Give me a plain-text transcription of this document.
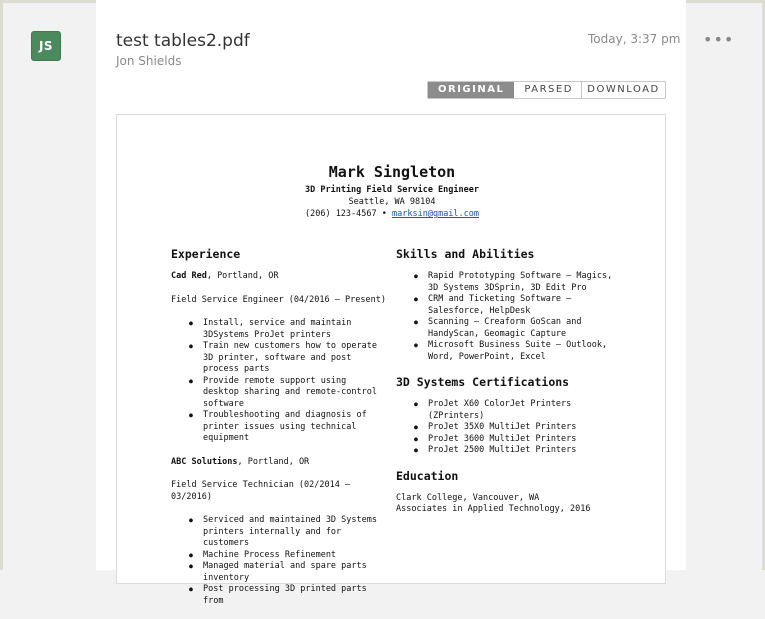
JS	test tables2.pdf
Jon Shields
Today, 3:37 pm •••
ORIGINAL	PARSED	DOWNLOAD
Mark Singleton
3D Printing Field Service Engineer
Seattle, WA 98104
(206) 123-4567 • marksin@gmail.com
Experience
Cad Red, Portland, OR
Field Service Engineer (04/2016 – Present)
● Install, service and maintain 3DSystems ProJet printers
● Train new customers how to operate 3D printer, software and post process parts
● Provide remote support using desktop sharing and remote-control software
● Troubleshooting and diagnosis of printer issues using technical equipment
ABC Solutions, Portland, OR
Field Service Technician (02/2014 – 03/2016)
● Serviced and maintained 3D Systems printers internally and for customers
● Machine Process Refinement
● Managed material and spare parts inventory
● Post processing 3D printed parts from
Skills and Abilities
● Rapid Prototyping Software – Magics, 3D Systems 3DSprin, 3D Edit Pro
● CRM and Ticketing Software – Salesforce, HelpDesk
● Scanning – Creaform GoScan and HandyScan, Geomagic Capture
● Microsoft Business Suite – Outlook, Word, PowerPoint, Excel
3D Systems Certifications
● ProJet X60 ColorJet Printers (ZPrinters)
● ProJet 35X0 MultiJet Printers
● ProJet 3600 MultiJet Printers
● ProJet 2500 MultiJet Printers
Education
Clark College, Vancouver, WA
Associates in Applied Technology, 2016
